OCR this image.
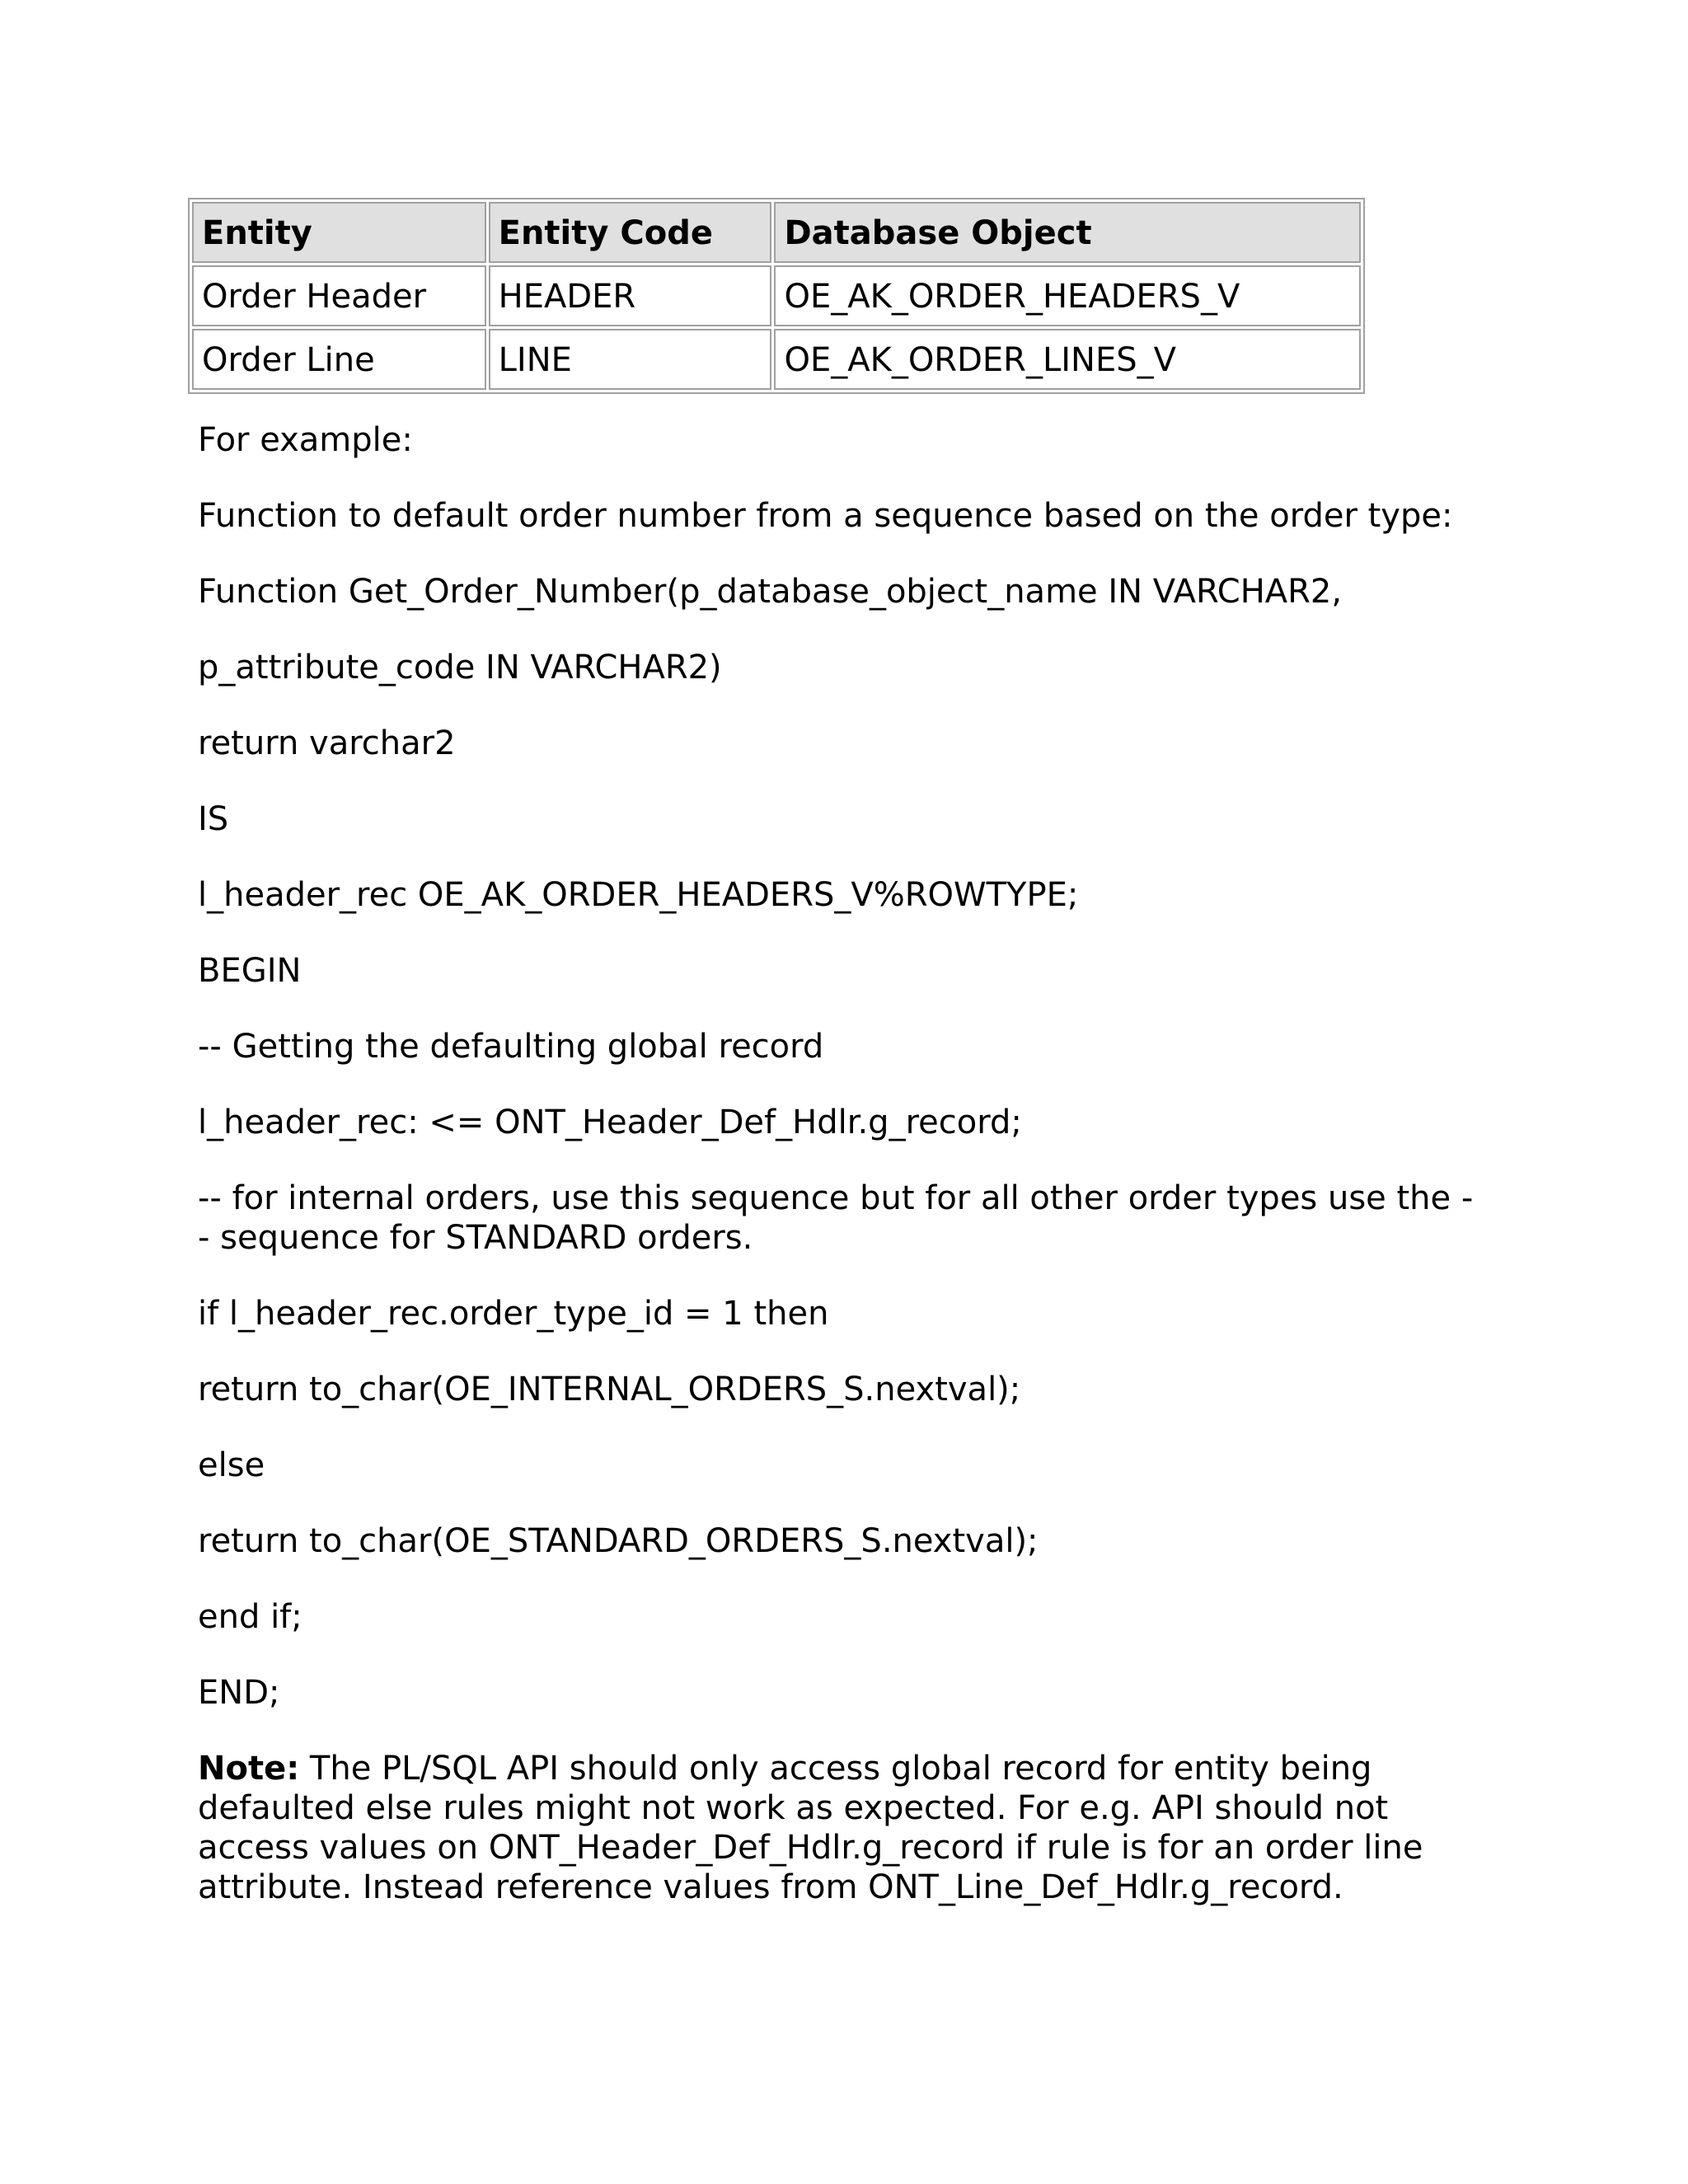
Entity	Entity Code	Database Object
Order Header	HEADER	OE_AK_ORDER_HEADERS_V
Order Line	LINE	OE_AK_ORDER_LINES_V

For example:

Function to default order number from a sequence based on the order type:

Function Get_Order_Number(p_database_object_name IN VARCHAR2,

p_attribute_code IN VARCHAR2)

return varchar2

IS

l_header_rec OE_AK_ORDER_HEADERS_V%ROWTYPE;

BEGIN

-- Getting the defaulting global record

l_header_rec: <= ONT_Header_Def_Hdlr.g_record;

-- for internal orders, use this sequence but for all other order types use the -- sequence for STANDARD orders.

if l_header_rec.order_type_id = 1 then

return to_char(OE_INTERNAL_ORDERS_S.nextval);

else

return to_char(OE_STANDARD_ORDERS_S.nextval);

end if;

END;

Note: The PL/SQL API should only access global record for entity being defaulted else rules might not work as expected. For e.g. API should not access values on ONT_Header_Def_Hdlr.g_record if rule is for an order line attribute. Instead reference values from ONT_Line_Def_Hdlr.g_record.
